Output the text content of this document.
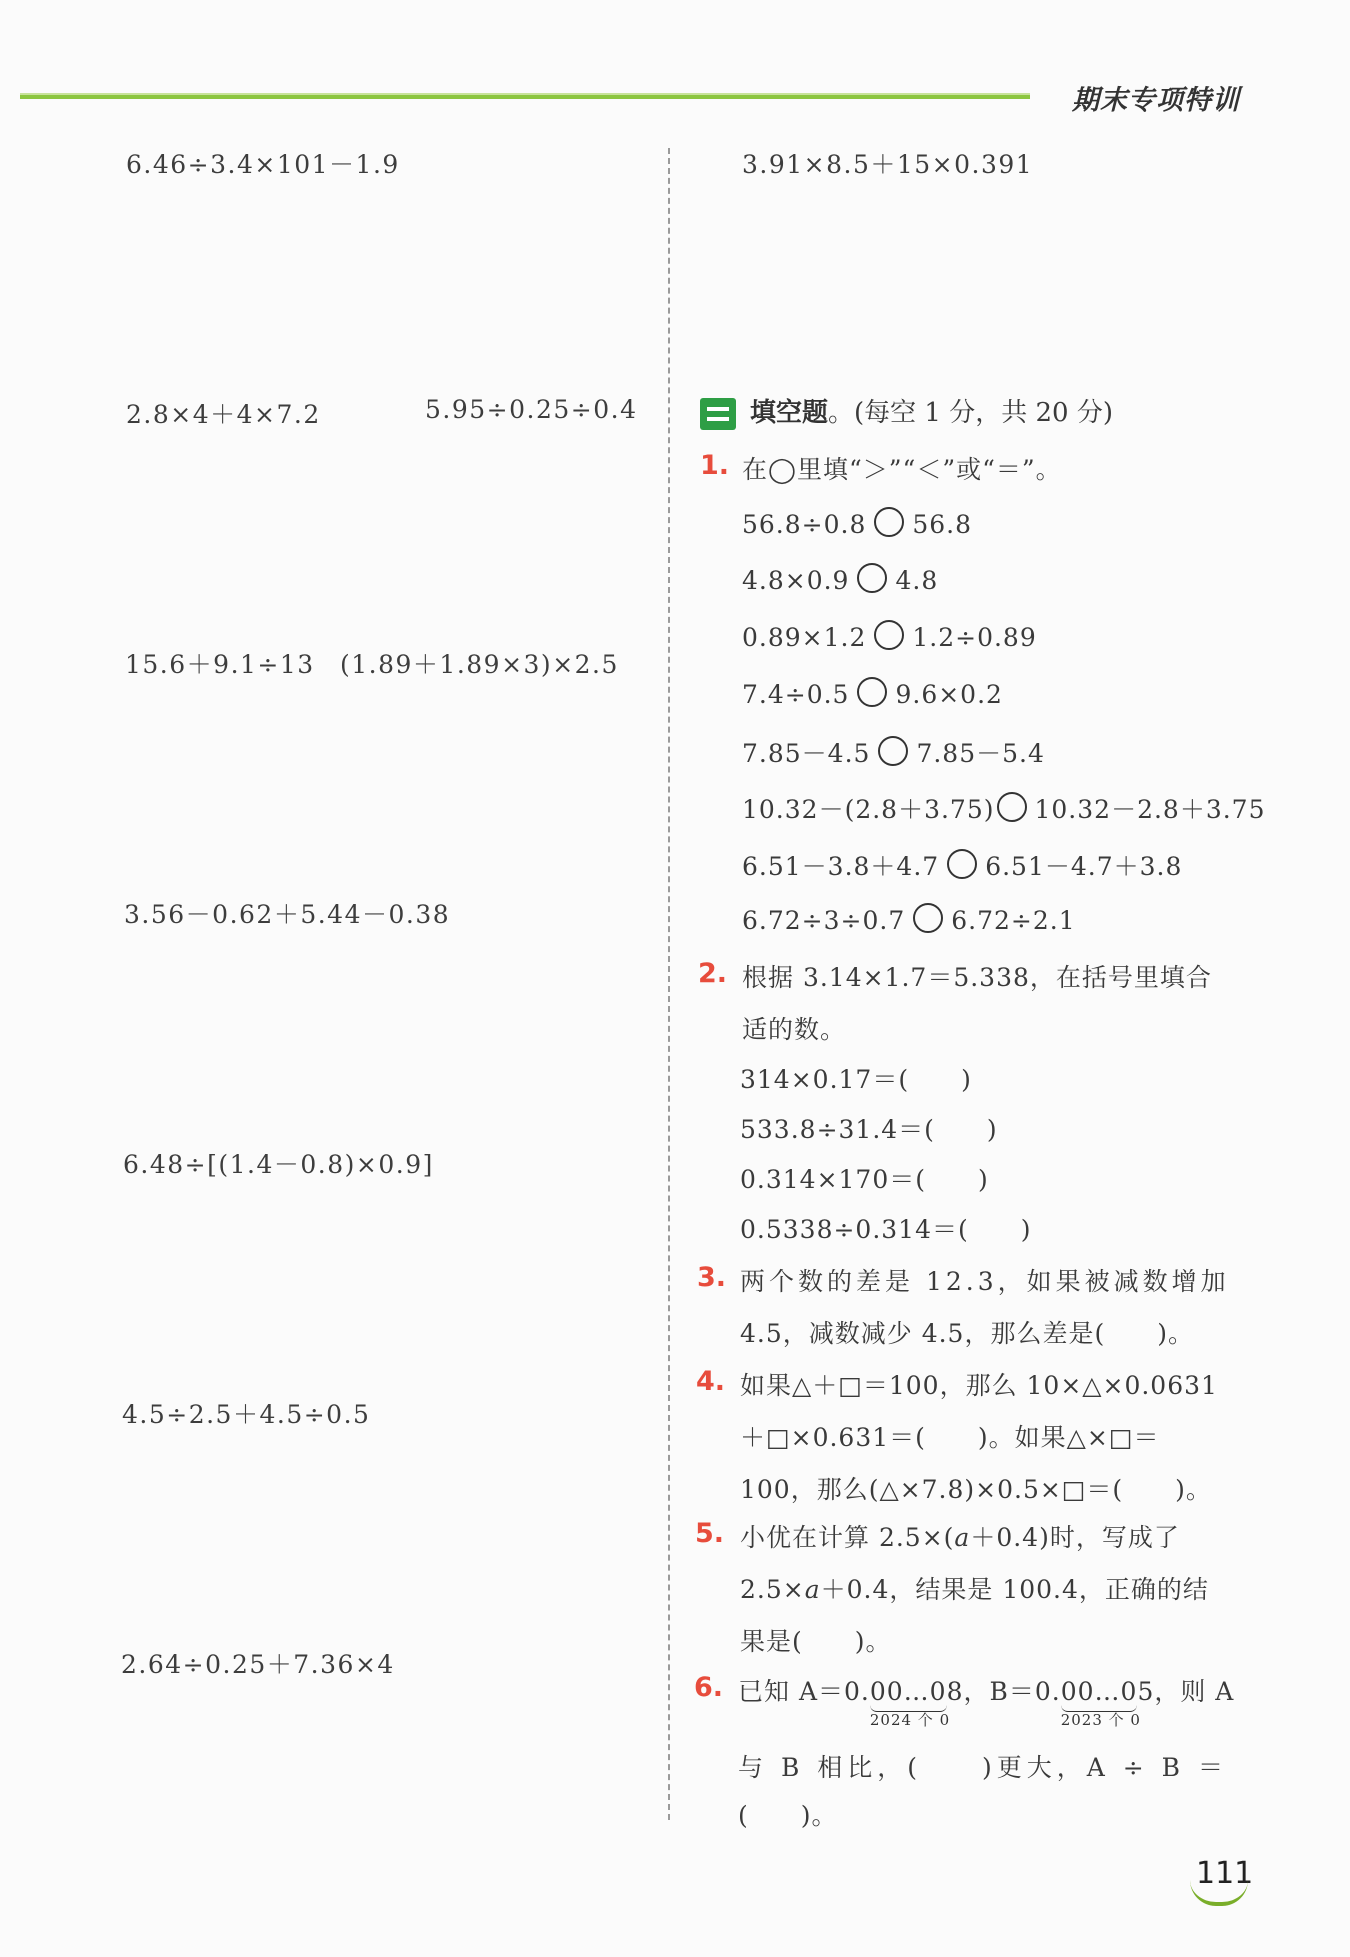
期末专项特训
6.46÷3.4×101－1.9
2.8×4＋4×7.2	5.95÷0.25÷0.4
15.6＋9.1÷13 (1.89＋1.89×3)×2.5
3.56－0.62＋5.44－0.38
6.48÷[(1.4－0.8)×0.9]
4.5÷2.5＋4.5÷0.5
2.64÷0.25＋7.36×4
3.91×8.5＋15×0.391
填空题。(每空 1 分，共 20 分)
1. 在◯里填“＞”“＜”或“＝”。
56.8÷0.8 56.8
4.8×0.9 4.8
0.89×1.2 1.2÷0.89
7.4÷0.5 9.6×0.2
7.85－4.5 7.85－5.4
10.32－(2.8＋3.75) 10.32－2.8＋3.75
6.51－3.8＋4.7 6.51－4.7＋3.8
6.72÷3÷0.7 6.72÷2.1
2. 根据 3.14×1.7＝5.338，在括号里填合
适的数。
314×0.17＝(　　)
533.8÷31.4＝(　　)
0.314×170＝(　　)
0.5338÷0.314＝(　　)
3. 两个数的差是 12.3，如果被减数增加
4.5，减数减少 4.5，那么差是(　　)。
4. 如果△＋□＝100，那么 10×△×0.0631
＋□×0.631＝(　　)。如果△×□＝
100，那么(△×7.8)×0.5×□＝(　　)。
5. 小优在计算 2.5×(a＋0.4)时，写成了
2.5×a＋0.4，结果是 100.4，正确的结
果是(　　)。
6. 已知 A＝0.00…0
2024 个 0
8，B＝0.00…0
2023 个 0
5，则 A
与 B 相比，(　　)更大，A ÷ B ＝
(　　)。
111
